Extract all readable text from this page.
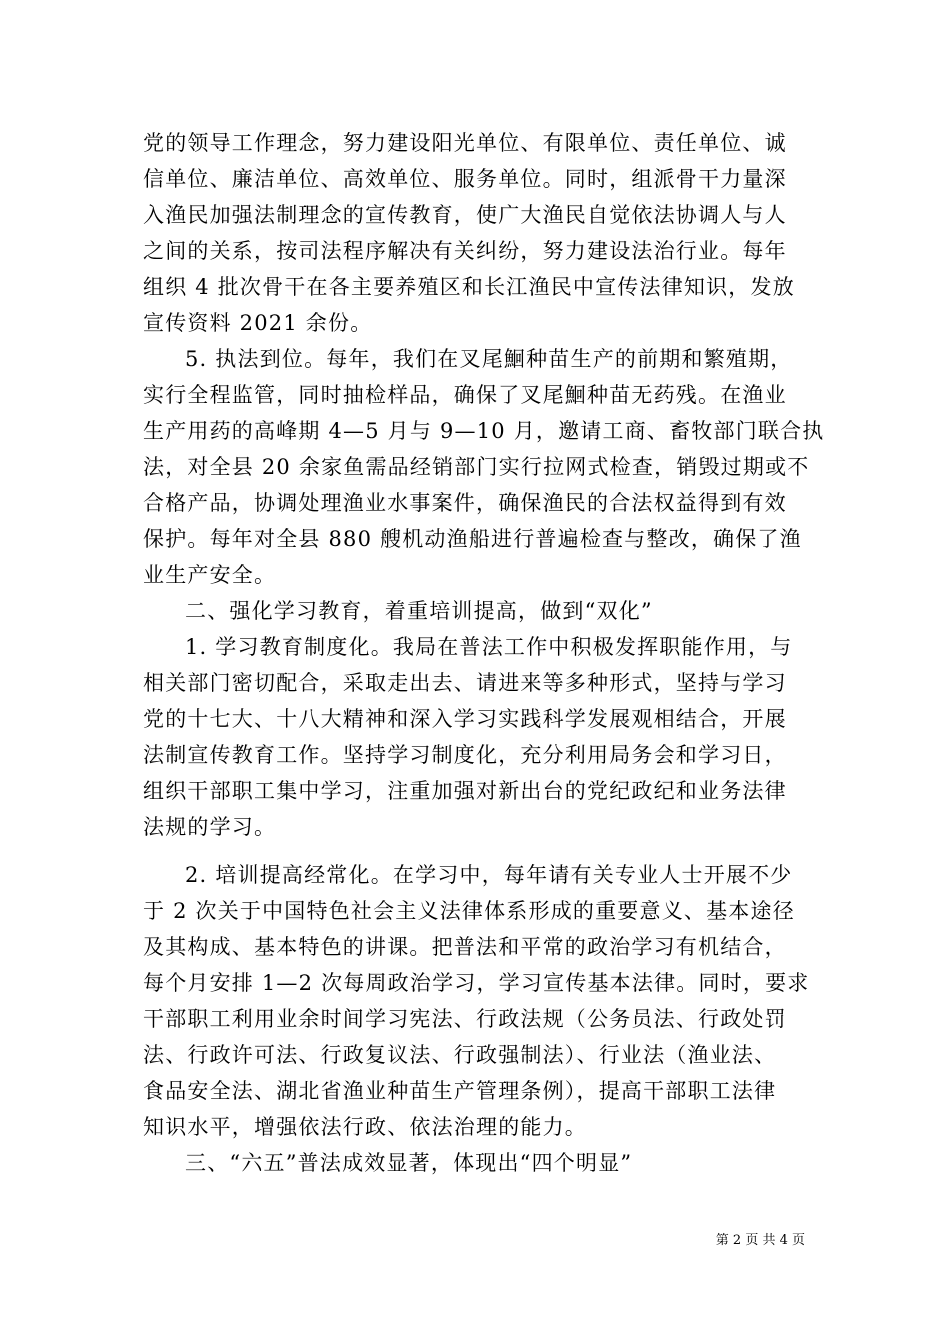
党的领导工作理念，努力建设阳光单位、有限单位、责任单位、诚
信单位、廉洁单位、高效单位、服务单位。同时，组派骨干力量深
入渔民加强法制理念的宣传教育，使广大渔民自觉依法协调人与人
之间的关系，按司法程序解决有关纠纷，努力建设法治行业。每年
组织 4 批次骨干在各主要养殖区和长江渔民中宣传法律知识，发放
宣传资料 2021 余份。
5. 执法到位。每年，我们在叉尾鮰种苗生产的前期和繁殖期，
实行全程监管，同时抽检样品，确保了叉尾鮰种苗无药残。在渔业
生产用药的高峰期 4—5 月与 9—10 月，邀请工商、畜牧部门联合执
法，对全县 20 余家鱼需品经销部门实行拉网式检查，销毁过期或不
合格产品，协调处理渔业水事案件，确保渔民的合法权益得到有效
保护。每年对全县 880 艘机动渔船进行普遍检查与整改，确保了渔
业生产安全。
二、强化学习教育，着重培训提高，做到“双化”
1. 学习教育制度化。我局在普法工作中积极发挥职能作用，与
相关部门密切配合，采取走出去、请进来等多种形式，坚持与学习
党的十七大、十八大精神和深入学习实践科学发展观相结合，开展
法制宣传教育工作。坚持学习制度化，充分利用局务会和学习日，
组织干部职工集中学习，注重加强对新出台的党纪政纪和业务法律
法规的学习。
2. 培训提高经常化。在学习中，每年请有关专业人士开展不少
于 2 次关于中国特色社会主义法律体系形成的重要意义、基本途径
及其构成、基本特色的讲课。把普法和平常的政治学习有机结合，
每个月安排 1—2 次每周政治学习，学习宣传基本法律。同时，要求
干部职工利用业余时间学习宪法、行政法规（公务员法、行政处罚
法、行政许可法、行政复议法、行政强制法）、行业法（渔业法、
食品安全法、湖北省渔业种苗生产管理条例），提高干部职工法律
知识水平，增强依法行政、依法治理的能力。
三、“六五”普法成效显著，体现出“四个明显”
第 2 页 共 4 页
